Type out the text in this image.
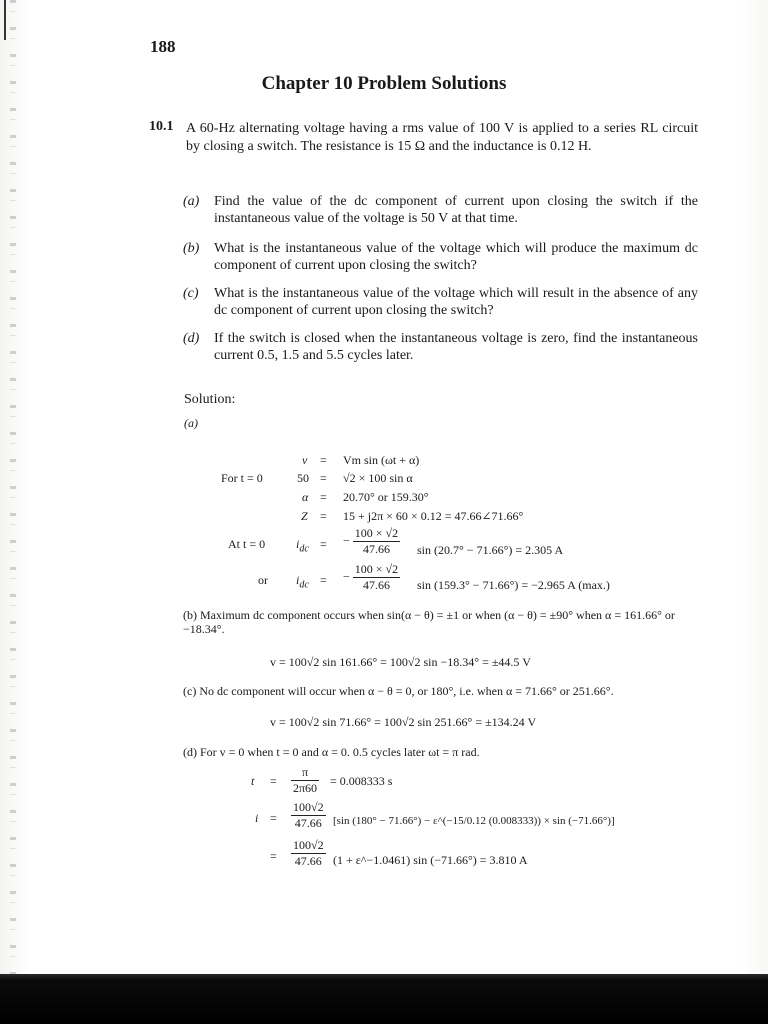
188
Chapter 10 Problem Solutions
10.1 A 60-Hz alternating voltage having a rms value of 100 V is applied to a series RL circuit by closing a switch. The resistance is 15 Ω and the inductance is 0.12 H.
(a) Find the value of the dc component of current upon closing the switch if the instantaneous value of the voltage is 50 V at that time.
(b) What is the instantaneous value of the voltage which will produce the maximum dc component of current upon closing the switch?
(c) What is the instantaneous value of the voltage which will result in the absence of any dc component of current upon closing the switch?
(d) If the switch is closed when the instantaneous voltage is zero, find the instantaneous current 0.5, 1.5 and 5.5 cycles later.
Solution:
(a)
v = Vm sin (ωt + α)
For t = 0	50 = √2 × 100 sin α
α = 20.70° or 159.30°
Z = 15 + j2π × 60 × 0.12 = 47.66∠71.66°
At t = 0	$i_{dc}$ = − $\frac{100 \times √2}{47.66}$ sin (20.7° − 71.66°) = 2.305 A
or $i_{dc}$ = − $\frac{100 \times √2}{47.66}$ sin (159.3° − 71.66°) = −2.965 A (max.)
(b) Maximum dc component occurs when sin(α − θ) = ±1 or when (α − θ) = ±90° when α = 161.66° or −18.34°.
v = 100√2 sin 161.66° = 100√2 sin −18.34° = ±44.5 V
(c) No dc component will occur when α − θ = 0, or 180°, i.e. when α = 71.66° or 251.66°.
v = 100√2 sin 71.66° = 100√2 sin 251.66° = ±134.24 V
(d) For v = 0 when t = 0 and α = 0. 0.5 cycles later ωt = π rad.
$t = \frac{\pi}{2\pi 60} = 0.008333$ s
$i = \frac{100√2}{47.66} [\sin$ (180° − 71.66°) − ε^(−15/0.12 (0.008333)) × sin (−71.66°)]
= $\frac{100√2}{47.66} (1$ + ε^−1.0461) sin (−71.66°) = 3.810 A
